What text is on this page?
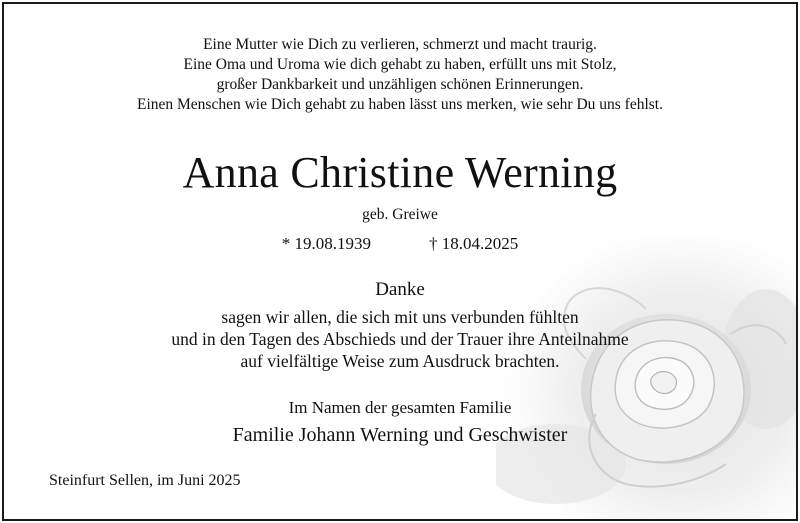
Eine Mutter wie Dich zu verlieren, schmerzt und macht traurig.
Eine Oma und Uroma wie dich gehabt zu haben, erfüllt uns mit Stolz,
großer Dankbarkeit und unzähligen schönen Erinnerungen.
Einen Menschen wie Dich gehabt zu haben lässt uns merken, wie sehr Du uns fehlst.
Anna Christine Werning
geb. Greiwe
* 19.08.1939	† 18.04.2025
Danke
sagen wir allen, die sich mit uns verbunden fühlten
und in den Tagen des Abschieds und der Trauer ihre Anteilnahme
auf vielfältige Weise zum Ausdruck brachten.
Im Namen der gesamten Familie
Familie Johann Werning und Geschwister
Steinfurt Sellen, im Juni 2025
